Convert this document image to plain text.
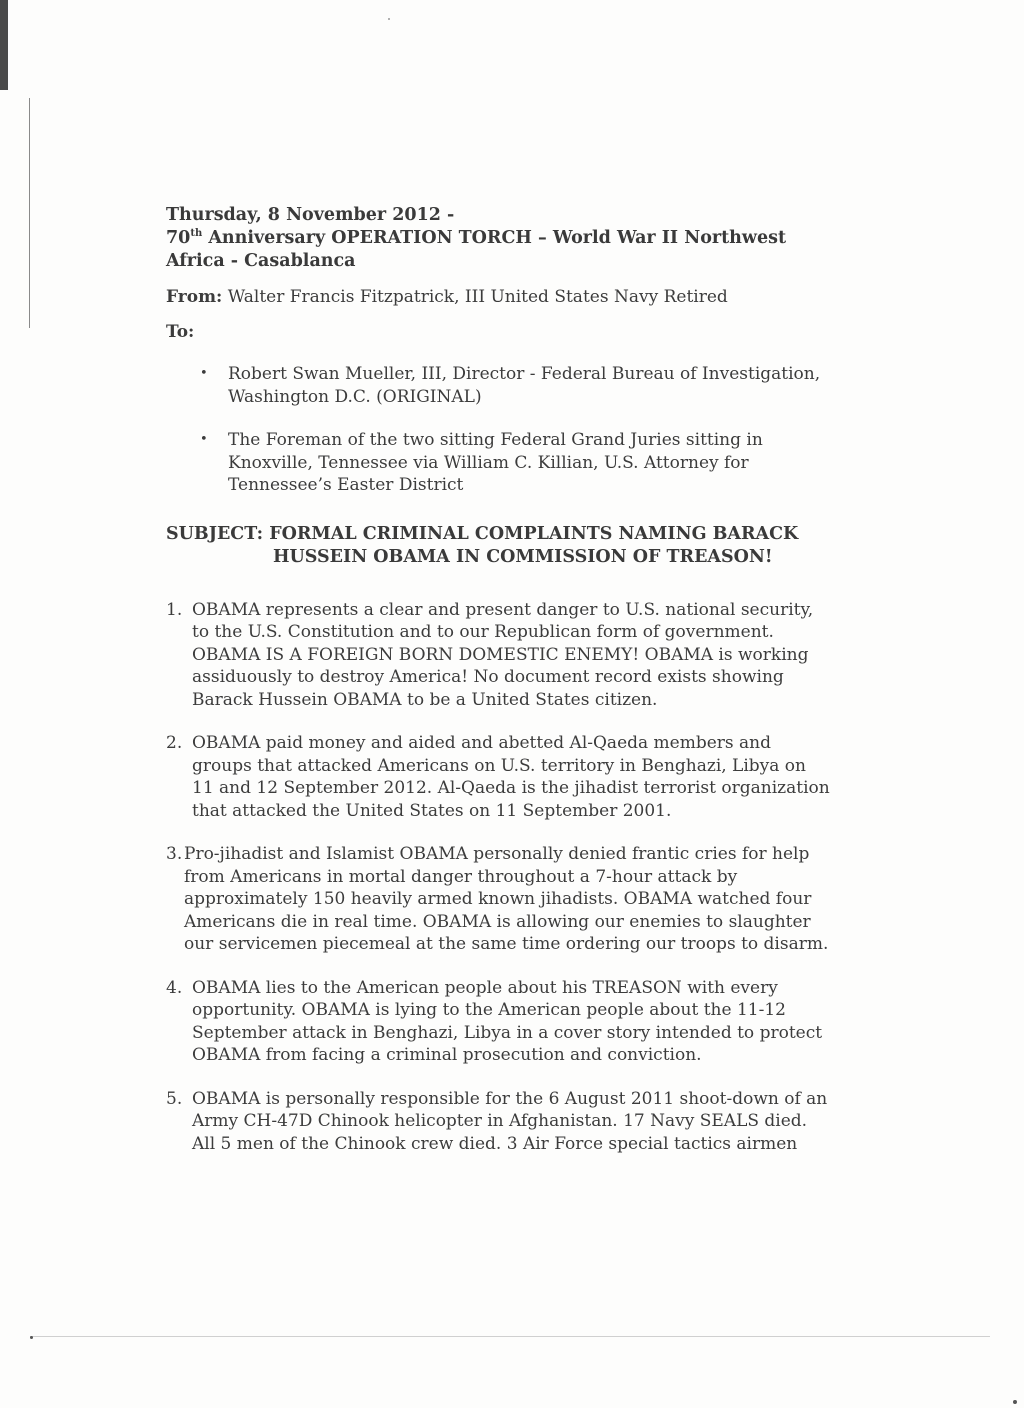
Thursday, 8 November 2012 -
70th Anniversary OPERATION TORCH – World War II Northwest
Africa - Casablanca
From: Walter Francis Fitzpatrick, III United States Navy Retired
To:
• Robert Swan Mueller, III, Director - Federal Bureau of Investigation,
Washington D.C. (ORIGINAL)
• The Foreman of the two sitting Federal Grand Juries sitting in
Knoxville, Tennessee via William C. Killian, U.S. Attorney for
Tennessee’s Easter District
SUBJECT: FORMAL CRIMINAL COMPLAINTS NAMING BARACK
HUSSEIN OBAMA IN COMMISSION OF TREASON!
1. OBAMA represents a clear and present danger to U.S. national security,
to the U.S. Constitution and to our Republican form of government.
OBAMA IS A FOREIGN BORN DOMESTIC ENEMY! OBAMA is working
assiduously to destroy America! No document record exists showing
Barack Hussein OBAMA to be a United States citizen.
2. OBAMA paid money and aided and abetted Al-Qaeda members and
groups that attacked Americans on U.S. territory in Benghazi, Libya on
11 and 12 September 2012. Al-Qaeda is the jihadist terrorist organization
that attacked the United States on 11 September 2001.
3. Pro-jihadist and Islamist OBAMA personally denied frantic cries for help
from Americans in mortal danger throughout a 7-hour attack by
approximately 150 heavily armed known jihadists. OBAMA watched four
Americans die in real time. OBAMA is allowing our enemies to slaughter
our servicemen piecemeal at the same time ordering our troops to disarm.
4. OBAMA lies to the American people about his TREASON with every
opportunity. OBAMA is lying to the American people about the 11-12
September attack in Benghazi, Libya in a cover story intended to protect
OBAMA from facing a criminal prosecution and conviction.
5. OBAMA is personally responsible for the 6 August 2011 shoot-down of an
Army CH-47D Chinook helicopter in Afghanistan. 17 Navy SEALS died.
All 5 men of the Chinook crew died. 3 Air Force special tactics airmen
